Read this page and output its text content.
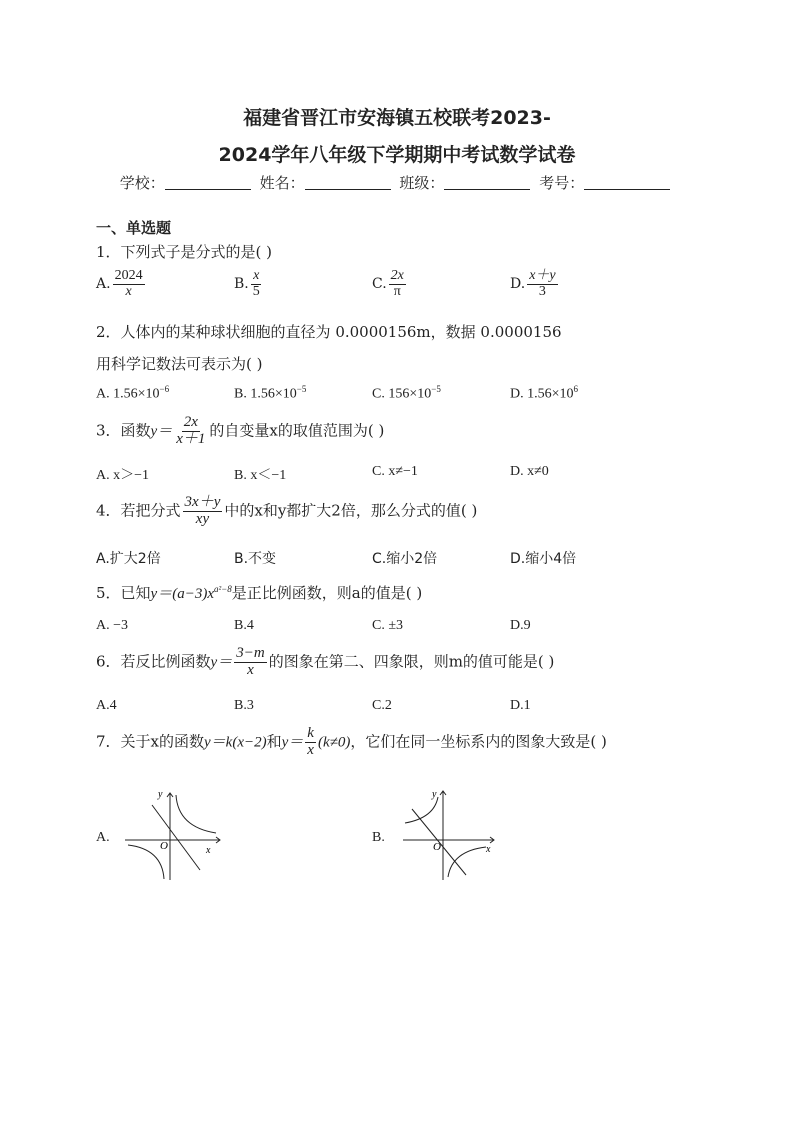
福建省晋江市安海镇五校联考2023-
2024学年八年级下学期期中考试数学试卷
学校：	姓名：	班级：	考号：
一、单选题
1．下列式子是分式的是( )
A. $\frac{2024}{x}$	B. $\frac{x}{5}$	C. $\frac{2x}{\pi}$	D. $\frac{x+y}{3}$
2．人体内的某种球状细胞的直径为 0.0000156m，数据 0.0000156
用科学记数法可表示为( )
A. $1.56\times 10^{-6}$	B. $1.56\times 10^{-5}$	C. $156\times 10^{-5}$	D. $1.56\times 10^6$
3．函数$y= \frac{2x}{x+1}$ 的自变量x的取值范围为( )
A. x＞−1	B. x＜−1	C. x≠−1	D. x≠0
4．若把分式 $\frac{3x+y}{xy}$ 中的x和y都扩大2倍，那么分式的值( )
A.扩大2倍	B.不变	C.缩小2倍	D.缩小4倍
5．已知$y=(a-3)x^{a^2-8}$是正比例函数，则a的值是( )
A. −3	B.4	C. ±3	D.9
6．若反比例函数$y= \frac{3-m}{x}$ 的图象在第二、四象限，则m的值可能是( )
A.4	B.3	C.2	D.1
7．关于x的函数y＝k(x−2)和$y= \frac{k}{x} (k\ne 0)$，它们在同一坐标系内的图象大致是( )
A.
y
x
O
B.
y
x
O
